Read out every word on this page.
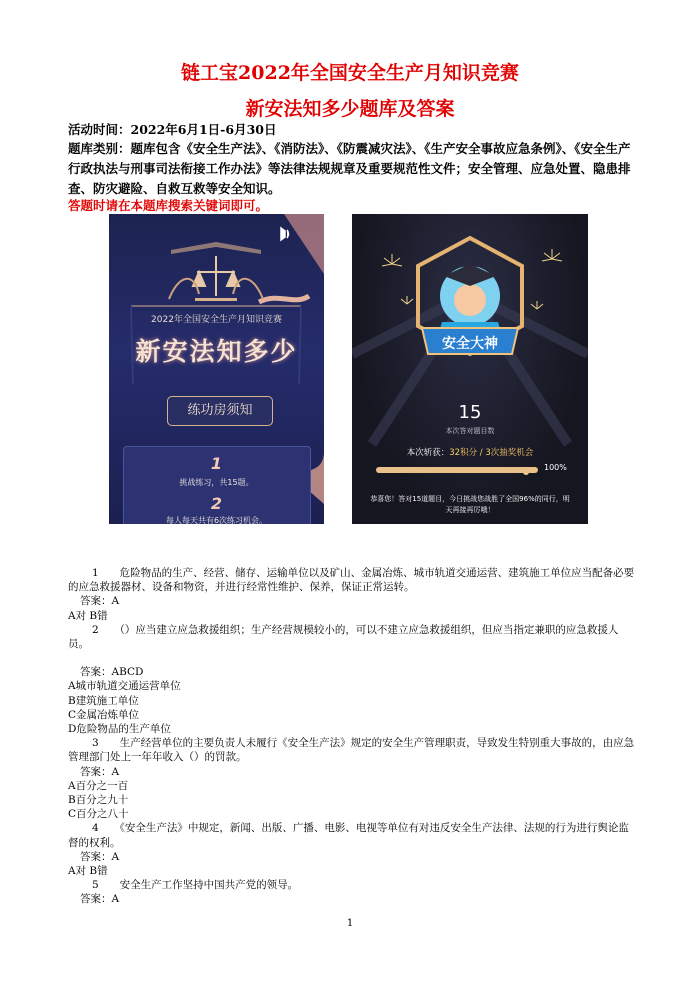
链工宝2022年全国安全生产月知识竞赛
新安法知多少题库及答案
活动时间：2022年6月1日-6月30日
题库类别：题库包含《安全生产法》、《消防法》、《防震减灾法》、《生产安全事故应急条例》、《安全生产行政执法与刑事司法衔接工作办法》等法律法规规章及重要规范性文件；安全管理、应急处置、隐患排查、防灾避险、自救互救等安全知识。
答题时请在本题库搜索关键词即可。
2022年全国安全生产月知识竞赛
新安法知多少
练功房须知
1
挑战练习，共15题。
2
每人每天共有6次练习机会。
安全大神
15
本次答对题目数
本次斩获：32积分 / 3次抽奖机会
100%
恭喜您！答对15道题目，今日挑战您战胜了全国96%的同行，明天再接再厉哦！
1　　危险物品的生产、经营、储存、运输单位以及矿山、金属冶炼、城市轨道交通运营、建筑施工单位应当配备必要的应急救援器材、设备和物资，并进行经常性维护、保养，保证正常运转。
答案：A
A对 B错
2　　（）应当建立应急救援组织；生产经营规模较小的，可以不建立应急救援组织，但应当指定兼职的应急救援人员。
答案：ABCD
A城市轨道交通运营单位
B建筑施工单位
C金属冶炼单位
D危险物品的生产单位
3　　生产经营单位的主要负责人未履行《安全生产法》规定的安全生产管理职责，导致发生特别重大事故的，由应急管理部门处上一年年收入（）的罚款。
答案：A
A百分之一百
B百分之九十
C百分之八十
4　　《安全生产法》中规定，新闻、出版、广播、电影、电视等单位有对违反安全生产法律、法规的行为进行舆论监督的权利。
答案：A
A对 B错
5　　安全生产工作坚持中国共产党的领导。
答案：A
1
